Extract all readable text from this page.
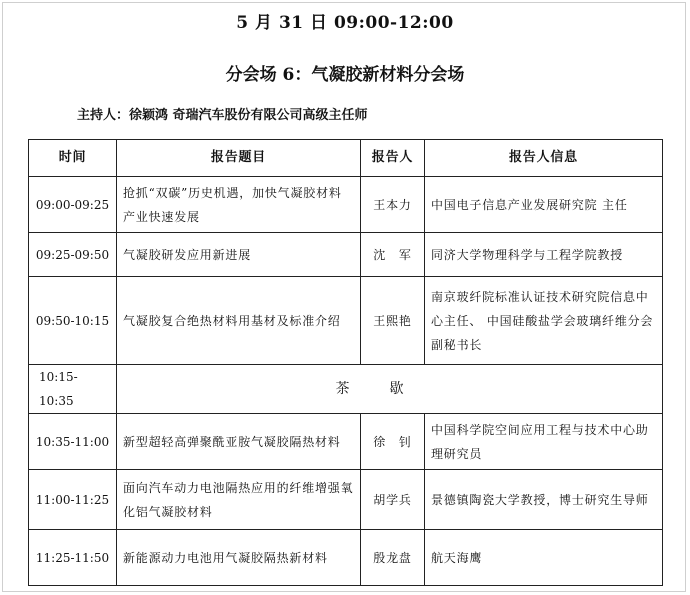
5 月 31 日 09:00-12:00
分会场 6：气凝胶新材料分会场
主持人：徐颖鸿 奇瑞汽车股份有限公司高级主任师
时间	报告题目	报告人	报告人信息
09:00-09:25	抢抓“双碳”历史机遇，加快气凝胶材料产业快速发展	王本力	中国电子信息产业发展研究院 主任
09:25-09:50	气凝胶研发应用新进展	沈　军	同济大学物理科学与工程学院教授
09:50-10:15	气凝胶复合绝热材料用基材及标准介绍	王熙艳	南京玻纤院标准认证技术研究院信息中心主任、 中国硅酸盐学会玻璃纤维分会副秘书长
10:15-10:35	茶歇		
10:35-11:00	新型超轻高弹聚酰亚胺气凝胶隔热材料	徐　钊	中国科学院空间应用工程与技术中心助理研究员
11:00-11:25	面向汽车动力电池隔热应用的纤维增强氧化铝气凝胶材料	胡学兵	景德镇陶瓷大学教授，博士研究生导师
11:25-11:50	新能源动力电池用气凝胶隔热新材料	殷龙盘	航天海鹰
